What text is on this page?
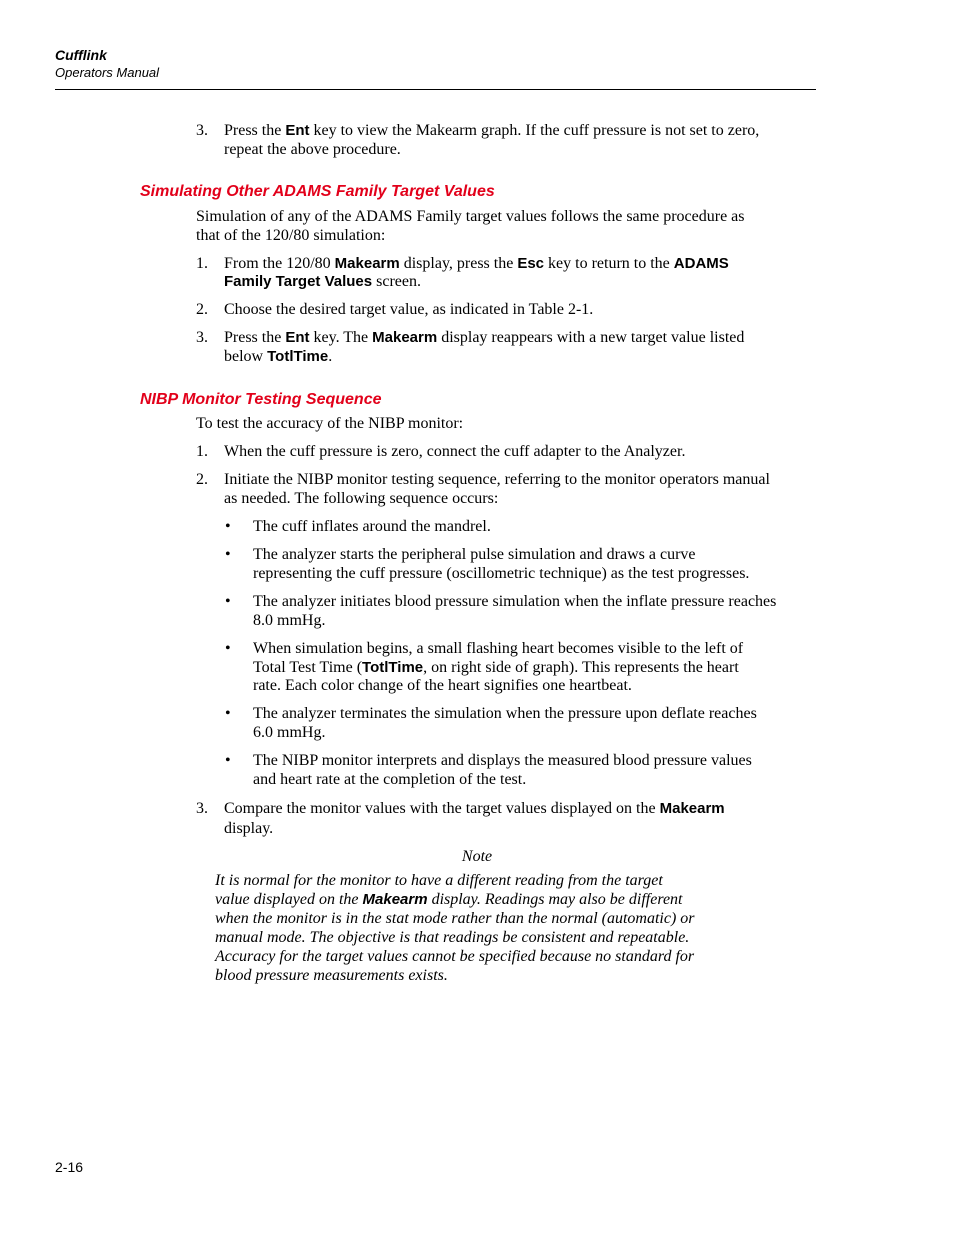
Cufflink
Operators Manual
3.	Press the Ent key to view the Makearm graph. If the cuff pressure is not set to zero,
repeat the above procedure.
Simulating Other ADAMS Family Target Values
Simulation of any of the ADAMS Family target values follows the same procedure as
that of the 120/80 simulation:
1.	From the 120/80 Makearm display, press the Esc key to return to the ADAMS
Family Target Values screen.
2.	Choose the desired target value, as indicated in Table 2-1.
3.	Press the Ent key. The Makearm display reappears with a new target value listed
below TotlTime.
NIBP Monitor Testing Sequence
To test the accuracy of the NIBP monitor:
1.	When the cuff pressure is zero, connect the cuff adapter to the Analyzer.
2.	Initiate the NIBP monitor testing sequence, referring to the monitor operators manual
as needed. The following sequence occurs:
• The cuff inflates around the mandrel.
• The analyzer starts the peripheral pulse simulation and draws a curve
representing the cuff pressure (oscillometric technique) as the test progresses.
• The analyzer initiates blood pressure simulation when the inflate pressure reaches
8.0 mmHg.
• When simulation begins, a small flashing heart becomes visible to the left of
Total Test Time (TotlTime, on right side of graph). This represents the heart
rate. Each color change of the heart signifies one heartbeat.
• The analyzer terminates the simulation when the pressure upon deflate reaches
6.0 mmHg.
• The NIBP monitor interprets and displays the measured blood pressure values
and heart rate at the completion of the test.
3.	Compare the monitor values with the target values displayed on the Makearm
display.
Note
It is normal for the monitor to have a different reading from the target
value displayed on the Makearm display. Readings may also be different
when the monitor is in the stat mode rather than the normal (automatic) or
manual mode. The objective is that readings be consistent and repeatable.
Accuracy for the target values cannot be specified because no standard for
blood pressure measurements exists.
2-16
